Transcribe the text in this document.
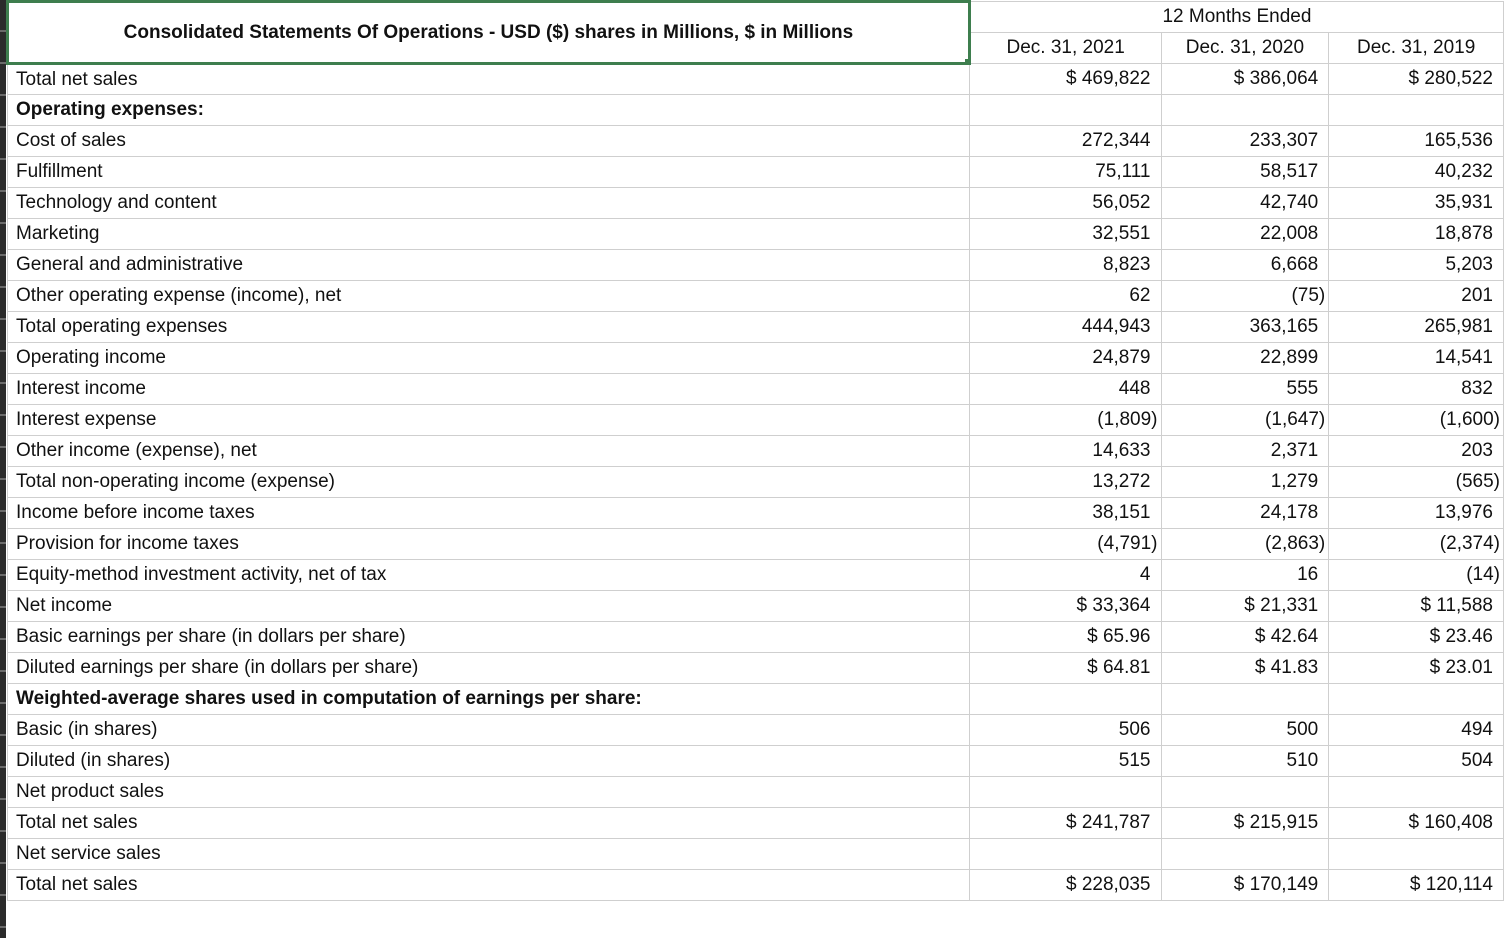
Consolidated Statements Of Operations - USD ($) shares in Millions, $ in Millions	12 Months Ended		
	Dec. 31, 2021	Dec. 31, 2020	Dec. 31, 2019
Total net sales	$ 469,822	$ 386,064	$ 280,522
Operating expenses:			
Cost of sales	272,344	233,307	165,536
Fulfillment	75,111	58,517	40,232
Technology and content	56,052	42,740	35,931
Marketing	32,551	22,008	18,878
General and administrative	8,823	6,668	5,203
Other operating expense (income), net	62	(75)	201
Total operating expenses	444,943	363,165	265,981
Operating income	24,879	22,899	14,541
Interest income	448	555	832
Interest expense	(1,809)	(1,647)	(1,600)
Other income (expense), net	14,633	2,371	203
Total non-operating income (expense)	13,272	1,279	(565)
Income before income taxes	38,151	24,178	13,976
Provision for income taxes	(4,791)	(2,863)	(2,374)
Equity-method investment activity, net of tax	4	16	(14)
Net income	$ 33,364	$ 21,331	$ 11,588
Basic earnings per share (in dollars per share)	$ 65.96	$ 42.64	$ 23.46
Diluted earnings per share (in dollars per share)	$ 64.81	$ 41.83	$ 23.01
Weighted-average shares used in computation of earnings per share:			
Basic (in shares)	506	500	494
Diluted (in shares)	515	510	504
Net product sales			
Total net sales	$ 241,787	$ 215,915	$ 160,408
Net service sales			
Total net sales	$ 228,035	$ 170,149	$ 120,114
